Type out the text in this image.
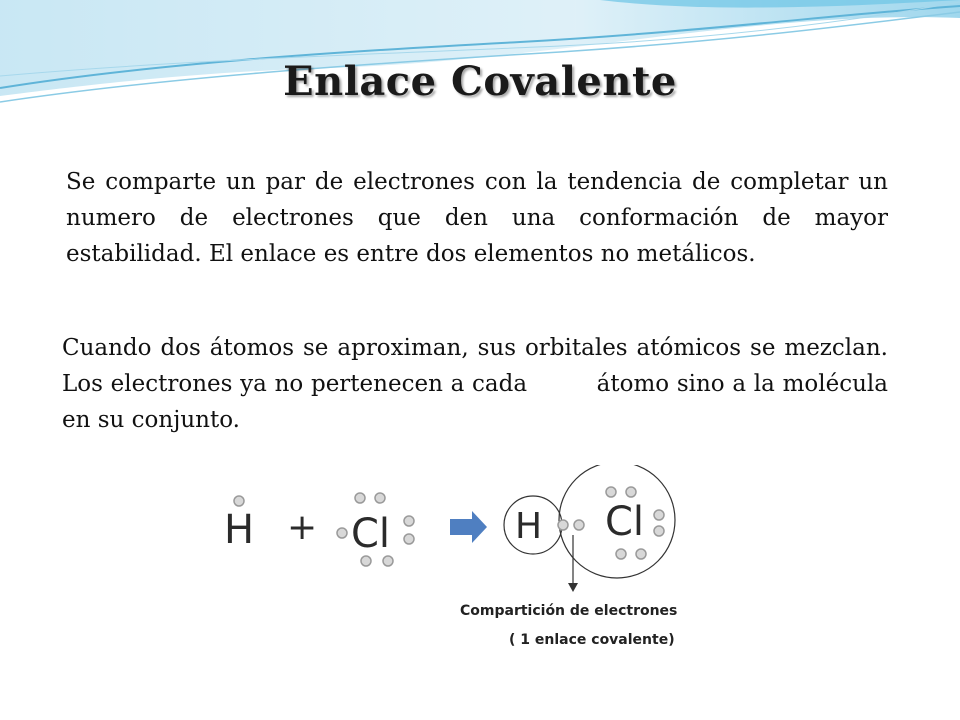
Enlace Covalente
Se comparte un par de electrones con la tendencia de completar un numero de electrones que den una conformación de mayor estabilidad. El enlace es entre dos elementos no metálicos.
Cuando dos átomos se aproximan, sus orbitales atómicos se mezclan. Los electrones ya no pertenecen a cada         átomo sino a la molécula en su conjunto.
H + Cl	H Cl
Compartición de electrones
( 1 enlace covalente)
